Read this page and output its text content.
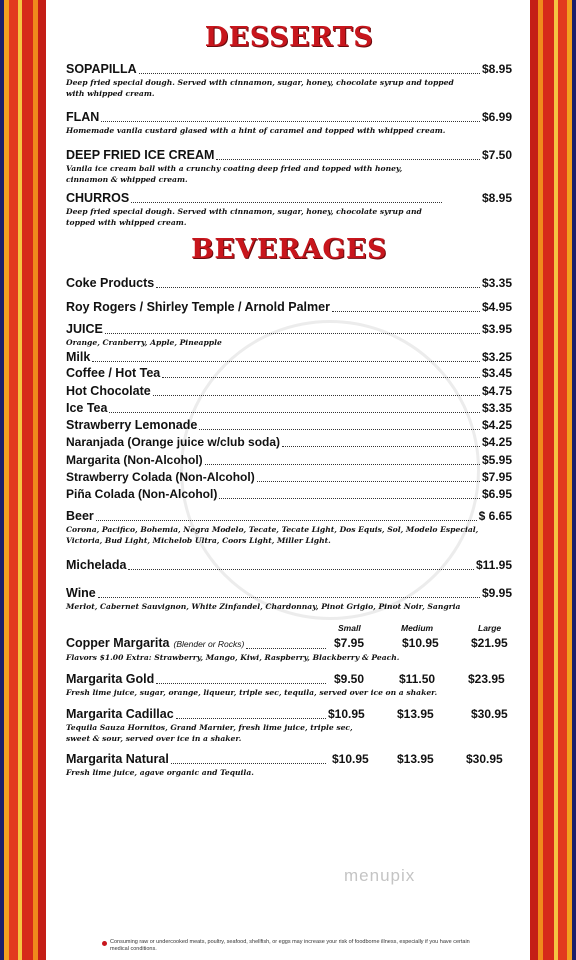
DESSERTS
SOPAPILLA	$8.95
Deep fried special dough. Served with cinnamon, sugar, honey, chocolate syrup and topped with whipped cream.
FLAN	$6.99
Homemade vanila custard glased with a hint of caramel and topped with whipped cream.
DEEP FRIED ICE CREAM	$7.50
Vanila ice cream ball with a crunchy coating deep fried and topped with honey, cinnamon & whipped cream.
CHURROS	$8.95
Deep fried special dough. Served with cinnamon, sugar, honey, chocolate syrup and topped with whipped cream.
BEVERAGES
Coke Products	$3.35
Roy Rogers / Shirley Temple / Arnold Palmer	$4.95
JUICE	$3.95
Orange, Cranberry, Apple, Pineapple
Milk	$3.25
Coffee / Hot Tea	$3.45
Hot Chocolate	$4.75
Ice Tea	$3.35
Strawberry Lemonade	$4.25
Naranjada (Orange juice w/club soda)	$4.25
Margarita (Non-Alcohol)	$5.95
Strawberry Colada (Non-Alcohol)	$7.95
Piña Colada (Non-Alcohol)	$6.95
Beer	$ 6.65
Corona, Pacifico, Bohemia, Negra Modelo, Tecate, Tecate Light, Dos Equis, Sol, Modelo Especial, Victoria, Bud Light, Michelob Ultra, Coors Light, Miller Light.
Michelada	$11.95
Wine	$9.95
Merlot, Cabernet Sauvignon, White Zinfandel, Chardonnay, Pinot Grigio, Pinot Noir, Sangria
Small	Medium	Large
Copper Margarita (Blender or Rocks)	$7.95	$10.95	$21.95
Flavors $1.00 Extra: Strawberry, Mango, Kiwi, Raspberry, Blackberry & Peach.
Margarita Gold	$9.50	$11.50	$23.95
Fresh lime juice, sugar, orange, liqueur, triple sec, tequila, served over ice on a shaker.
Margarita Cadillac	$10.95	$13.95	$30.95
Tequila Sauza Hornitos, Grand Marnier, fresh lime juice, triple sec, sweet & sour, served over ice in a shaker.
Margarita Natural	$10.95 $13.95	$30.95
Fresh lime juice, agave organic and Tequila.
menupix
Consuming raw or undercooked meats, poultry, seafood, shellfish, or eggs may increase your risk of foodborne illness, especially if you have certain medical conditions.
